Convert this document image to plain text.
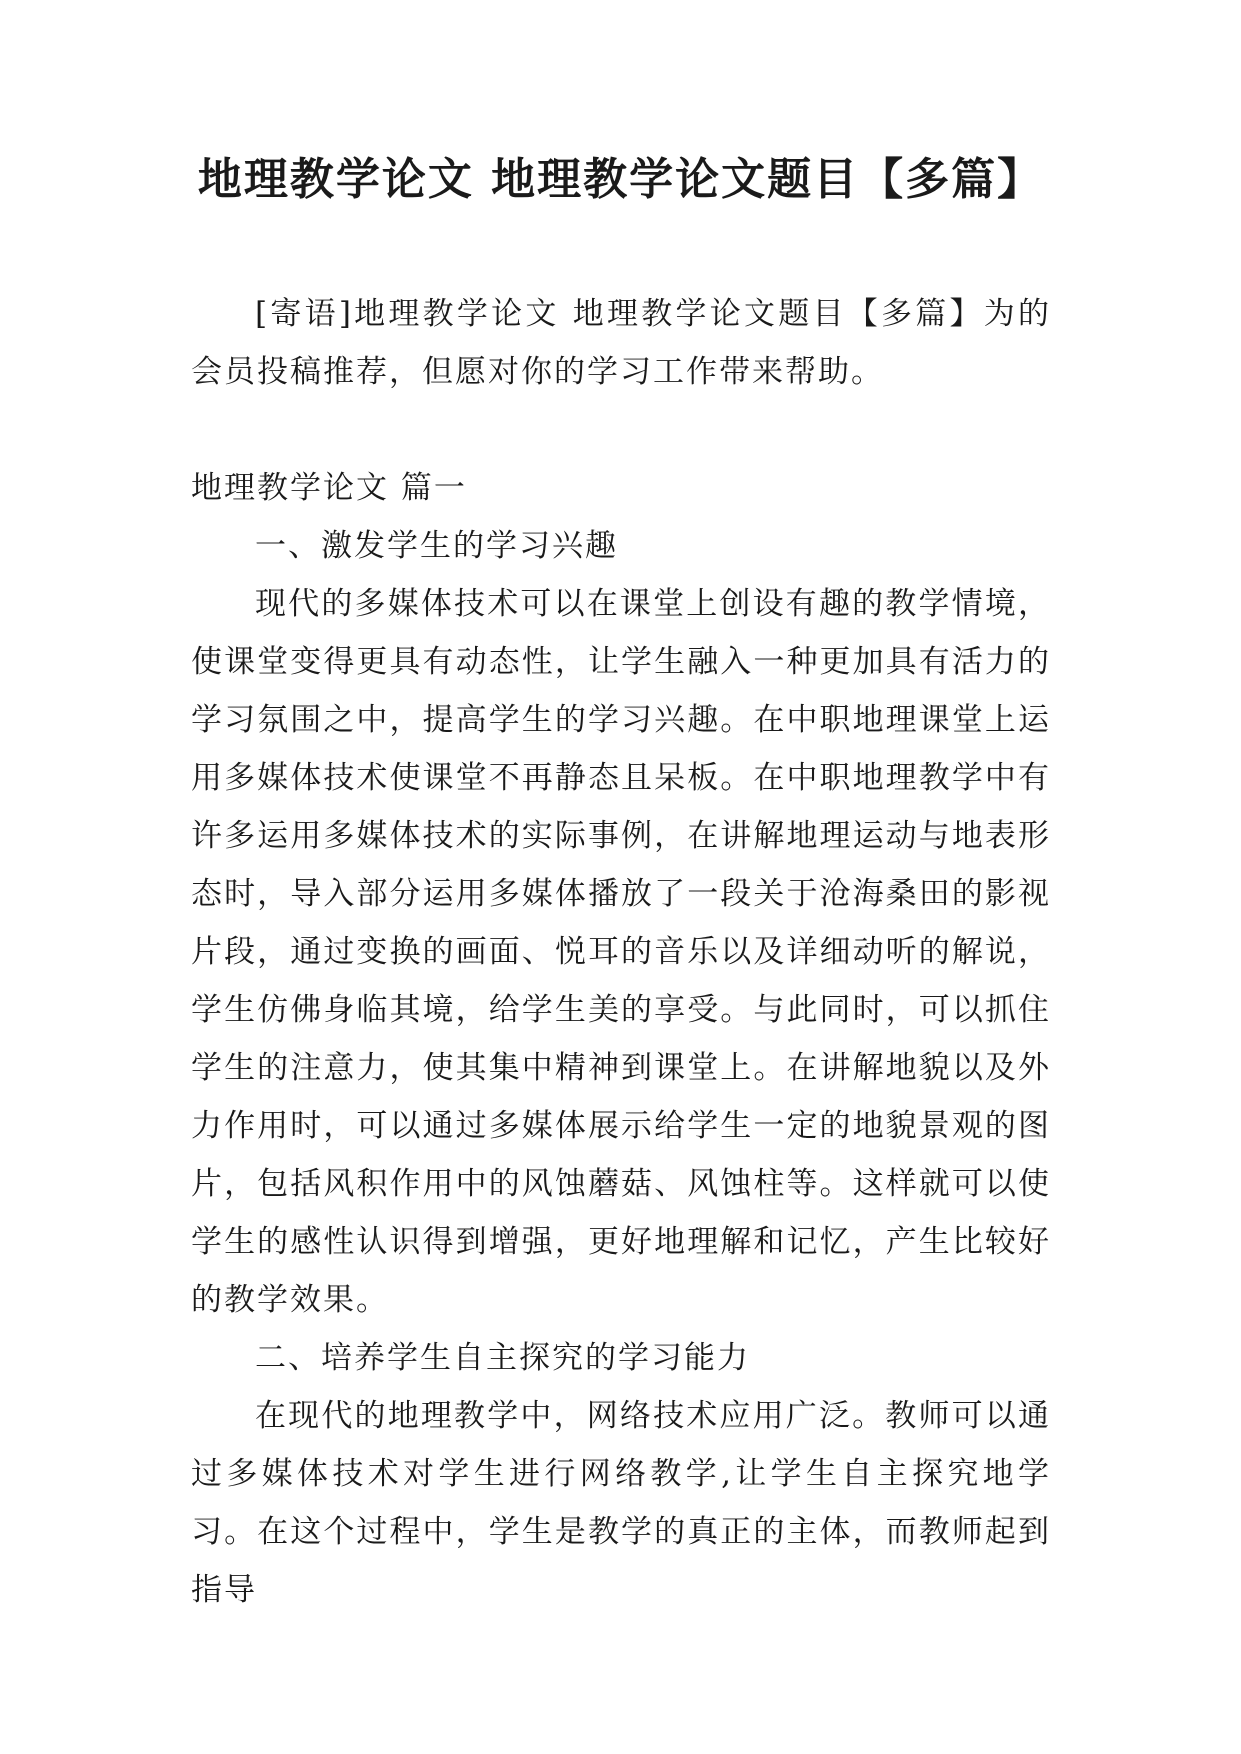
地理教学论文 地理教学论文题目【多篇】

[寄语]地理教学论文 地理教学论文题目【多篇】为的会员投稿推荐，但愿对你的学习工作带来帮助。

地理教学论文 篇一

一、激发学生的学习兴趣

现代的多媒体技术可以在课堂上创设有趣的教学情境，使课堂变得更具有动态性，让学生融入一种更加具有活力的学习氛围之中，提高学生的学习兴趣。在中职地理课堂上运用多媒体技术使课堂不再静态且呆板。在中职地理教学中有许多运用多媒体技术的实际事例，在讲解地理运动与地表形态时，导入部分运用多媒体播放了一段关于沧海桑田的影视片段，通过变换的画面、悦耳的音乐以及详细动听的解说，学生仿佛身临其境，给学生美的享受。与此同时，可以抓住学生的注意力，使其集中精神到课堂上。在讲解地貌以及外力作用时，可以通过多媒体展示给学生一定的地貌景观的图片，包括风积作用中的风蚀蘑菇、风蚀柱等。这样就可以使学生的感性认识得到增强，更好地理解和记忆，产生比较好的教学效果。

二、培养学生自主探究的学习能力

在现代的地理教学中，网络技术应用广泛。教师可以通过多媒体技术对学生进行网络教学,让学生自主探究地学习。在这个过程中，学生是教学的真正的主体，而教师起到指导
